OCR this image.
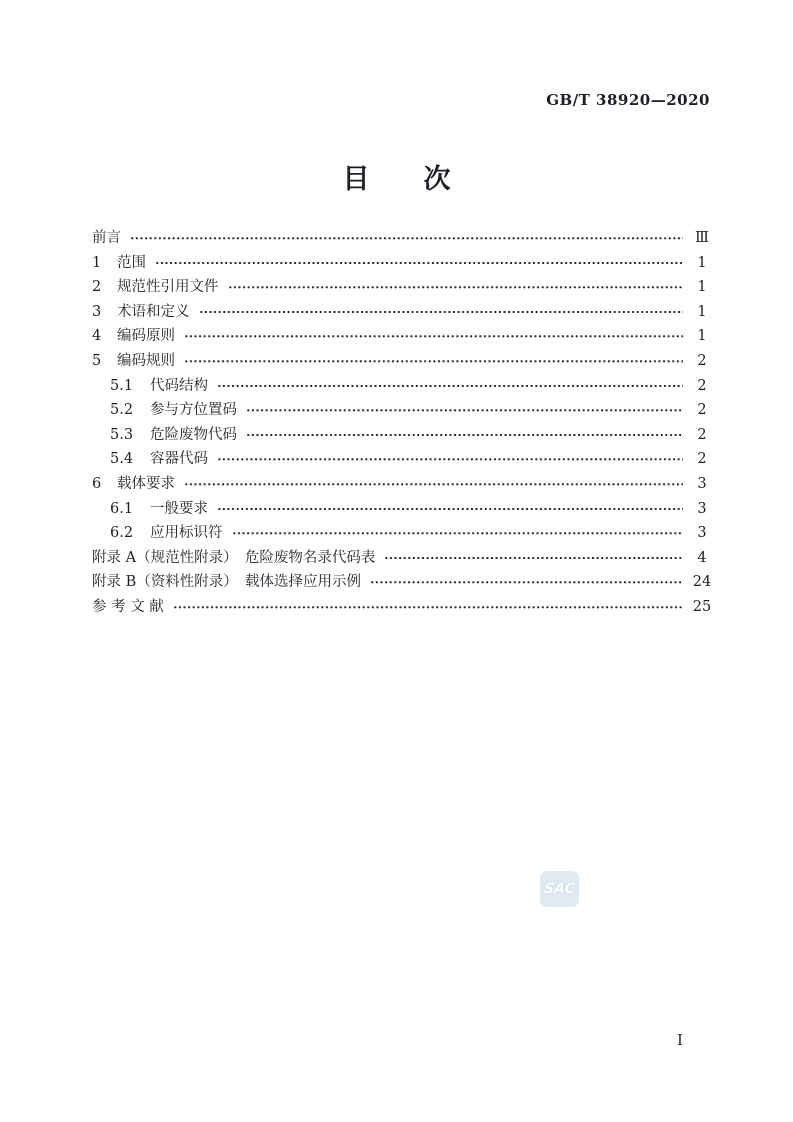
GB/T 38920—2020
目　　次
前言	Ⅲ
1	范围	1
2	规范性引用文件	1
3	术语和定义	1
4	编码原则	1
5	编码规则	2
5.1	代码结构	2
5.2	参与方位置码	2
5.3	危险废物代码	2
5.4	容器代码	2
6	载体要求	3
6.1	一般要求	3
6.2	应用标识符	3
附录 A（规范性附录）　危险废物名录代码表	4
附录 B（资料性附录）　载体选择应用示例	24
参 考 文 献	25
SAC
Ⅰ
